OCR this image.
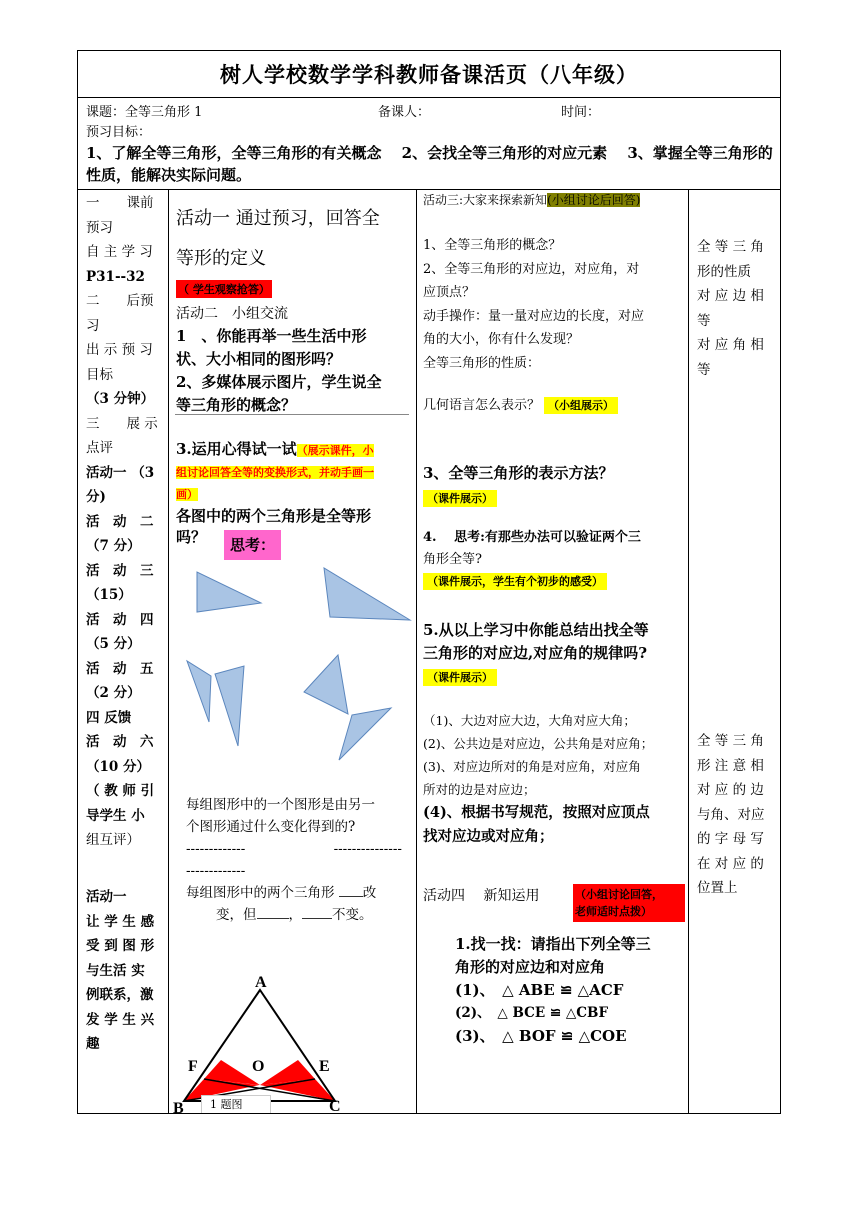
树人学校数学学科教师备课活页（八年级）
课题：全等三角形 1	备课人：	时间：
预习目标：
1、了解全等三角形，全等三角形的有关概念　 2、会找全等三角形的对应元素　 3、掌握全等三角形的性质，能解决实际问题。
一　　课前
预习
自 主 学 习
P31--32
二　　后预
习
出 示 预 习
目标
（3 分钟）
三　　展 示
点评
活动一 （3
分)
活　动　二
（7 分）
活　动　三
（15）
活　动　四
（5 分）
活　动　五
（2 分）
四 反馈
活　动　六
（10 分）
（ 教 师 引
导学生 小
组互评）
活动一
让 学 生 感
受 到 图 形
与生活 实
例联系，激
发 学 生 兴
趣
活动一 通过预习，回答全
等形的定义
（ 学生观察抢答）
活动二　小组交流
1　、你能再举一些生活中形
状、大小相同的图形吗？
2、多媒体展示图片，学生说全
等三角形的概念？
3.运用心得试一试（展示课件，小
组讨论回答全等的变换形式，并动手画一
画）
各图中的两个三角形是全等形
吗？	思考：
每组图形中的一个图形是由另一
个图形通过什么变化得到的?
-------------	---------------
-------------
每组图形中的两个三角形 改
变，但 ， 不变。
A
F	O	E
B	C
1 题图
活动三:大家来探索新知(小组讨论后回答)
1、全等三角形的概念？
2、全等三角形的对应边，对应角，对
应顶点？
动手操作：量一量对应边的长度，对应
角的大小，你有什么发现？
全等三角形的性质：
几何语言怎么表示？ （小组展示）
3、全等三角形的表示方法？
（课件展示）
4.　 思考:有那些办法可以验证两个三
角形全等?
（课件展示，学生有个初步的感受）
5.从以上学习中你能总结出找全等
三角形的对应边,对应角的规律吗?
（课件展示）
（1)、大边对应大边，大角对应大角；
(2)、公共边是对应边，公共角是对应角；
(3)、对应边所对的角是对应角，对应角
所对的边是对应边；
(4)、根据书写规范，按照对应顶点
找对应边或对应角；
活动四　 新知运用	（小组讨论回答，
老师适时点拨）
1.找一找：请指出下列全等三
角形的对应边和对应角
(1)、　△ ABE ≌ △ACF
(2)、　△ BCE ≌ △CBF
(3)、　△ BOF ≌ △COE
全 等 三 角
形的性质
对 应 边 相
等
对 应 角 相
等
全 等 三 角
形 注 意 相
对 应 的 边
与角、对应
的 字 母 写
在 对 应 的
位置上
